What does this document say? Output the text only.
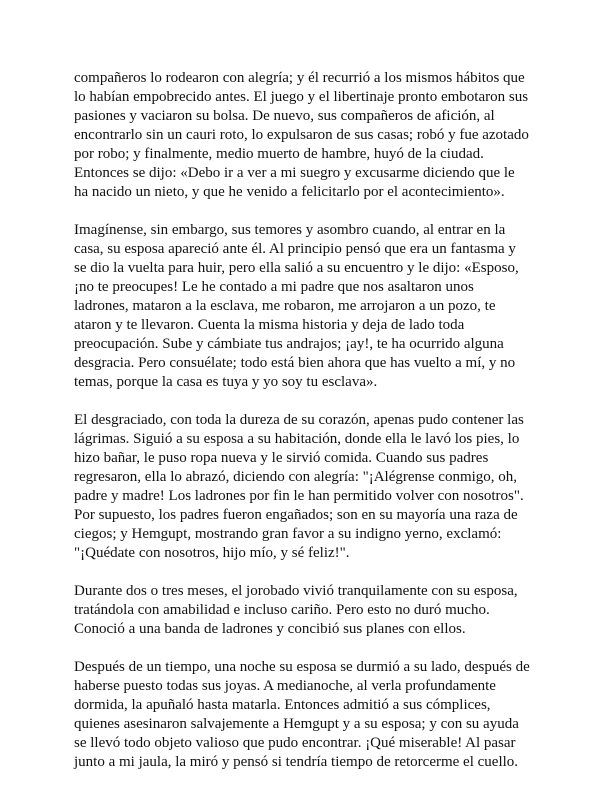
compañeros lo rodearon con alegría; y él recurrió a los mismos hábitos que
lo habían empobrecido antes. El juego y el libertinaje pronto embotaron sus
pasiones y vaciaron su bolsa. De nuevo, sus compañeros de afición, al
encontrarlo sin un cauri roto, lo expulsaron de sus casas; robó y fue azotado
por robo; y finalmente, medio muerto de hambre, huyó de la ciudad.
Entonces se dijo: «Debo ir a ver a mi suegro y excusarme diciendo que le
ha nacido un nieto, y que he venido a felicitarlo por el acontecimiento».

Imagínense, sin embargo, sus temores y asombro cuando, al entrar en la
casa, su esposa apareció ante él. Al principio pensó que era un fantasma y
se dio la vuelta para huir, pero ella salió a su encuentro y le dijo: «Esposo,
¡no te preocupes! Le he contado a mi padre que nos asaltaron unos
ladrones, mataron a la esclava, me robaron, me arrojaron a un pozo, te
ataron y te llevaron. Cuenta la misma historia y deja de lado toda
preocupación. Sube y cámbiate tus andrajos; ¡ay!, te ha ocurrido alguna
desgracia. Pero consuélate; todo está bien ahora que has vuelto a mí, y no
temas, porque la casa es tuya y yo soy tu esclava».

El desgraciado, con toda la dureza de su corazón, apenas pudo contener las
lágrimas. Siguió a su esposa a su habitación, donde ella le lavó los pies, lo
hizo bañar, le puso ropa nueva y le sirvió comida. Cuando sus padres
regresaron, ella lo abrazó, diciendo con alegría: "¡Alégrense conmigo, oh,
padre y madre! Los ladrones por fin le han permitido volver con nosotros".
Por supuesto, los padres fueron engañados; son en su mayoría una raza de
ciegos; y Hemgupt, mostrando gran favor a su indigno yerno, exclamó:
"¡Quédate con nosotros, hijo mío, y sé feliz!".

Durante dos o tres meses, el jorobado vivió tranquilamente con su esposa,
tratándola con amabilidad e incluso cariño. Pero esto no duró mucho.
Conoció a una banda de ladrones y concibió sus planes con ellos.

Después de un tiempo, una noche su esposa se durmió a su lado, después de
haberse puesto todas sus joyas. A medianoche, al verla profundamente
dormida, la apuñaló hasta matarla. Entonces admitió a sus cómplices,
quienes asesinaron salvajemente a Hemgupt y a su esposa; y con su ayuda
se llevó todo objeto valioso que pudo encontrar. ¡Qué miserable! Al pasar
junto a mi jaula, la miró y pensó si tendría tiempo de retorcerme el cuello.
